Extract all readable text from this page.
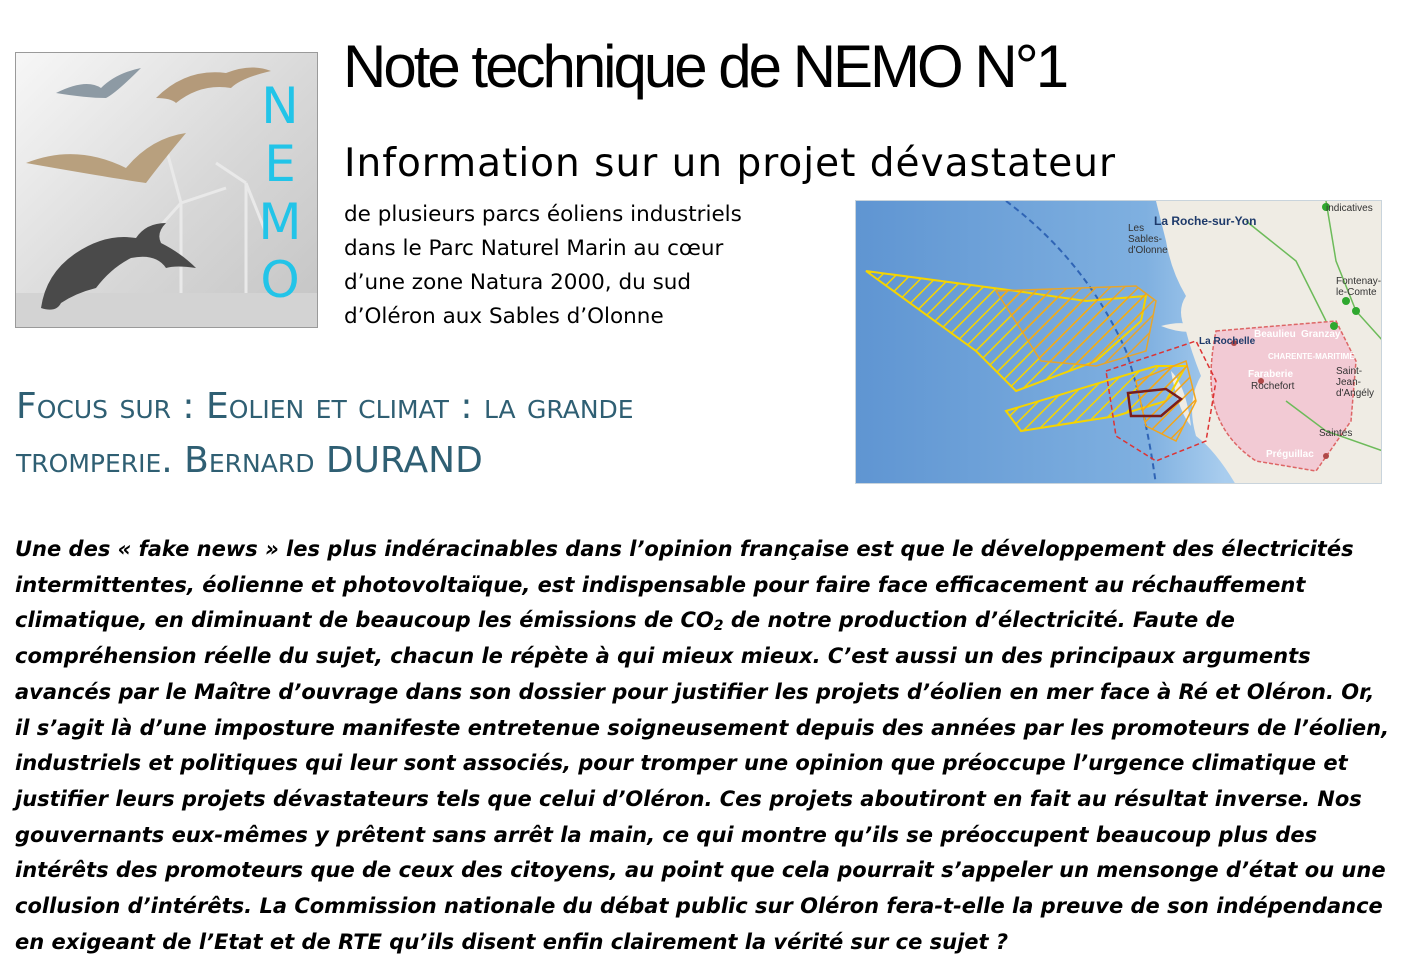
N
E
M
O
Note technique de NEMO N°1
Information sur un projet dévastateur
de plusieurs parcs éoliens industriels
dans le Parc Naturel Marin au cœur
d’une zone Natura 2000, du sud
d’Oléron aux Sables d’Olonne
La Roche-sur-Yon
Les Sables-d'Olonne
indicatives
Fontenay-le-Comte
La Rochelle
Beaulieu Granzay
CHARENTE-MARITIME
Faraberie
Rochefort
Saint-Jean-d'Angély
Saintes
Préguillac
Focus sur : Eolien et climat : la grande
tromperie. Bernard DURAND
Une des « fake news » les plus indéracinables dans l’opinion française est que le développement des électricités
intermittentes, éolienne et photovoltaïque, est indispensable pour faire face efficacement au réchauffement
climatique, en diminuant de beaucoup les émissions de $CO_2$ de notre production d’électricité. Faute de
compréhension réelle du sujet, chacun le répète à qui mieux mieux. C’est aussi un des principaux arguments
avancés par le Maître d’ouvrage dans son dossier pour justifier les projets d’éolien en mer face à Ré et Oléron. Or,
il s’agit là d’une imposture manifeste entretenue soigneusement depuis des années par les promoteurs de l’éolien,
industriels et politiques qui leur sont associés, pour tromper une opinion que préoccupe l’urgence climatique et
justifier leurs projets dévastateurs tels que celui d’Oléron. Ces projets aboutiront en fait au résultat inverse. Nos
gouvernants eux-mêmes y prêtent sans arrêt la main, ce qui montre qu’ils se préoccupent beaucoup plus des
intérêts des promoteurs que de ceux des citoyens, au point que cela pourrait s’appeler un mensonge d’état ou une
collusion d’intérêts. La Commission nationale du débat public sur Oléron fera-t-elle la preuve de son indépendance
en exigeant de l’Etat et de RTE qu’ils disent enfin clairement la vérité sur ce sujet ?
